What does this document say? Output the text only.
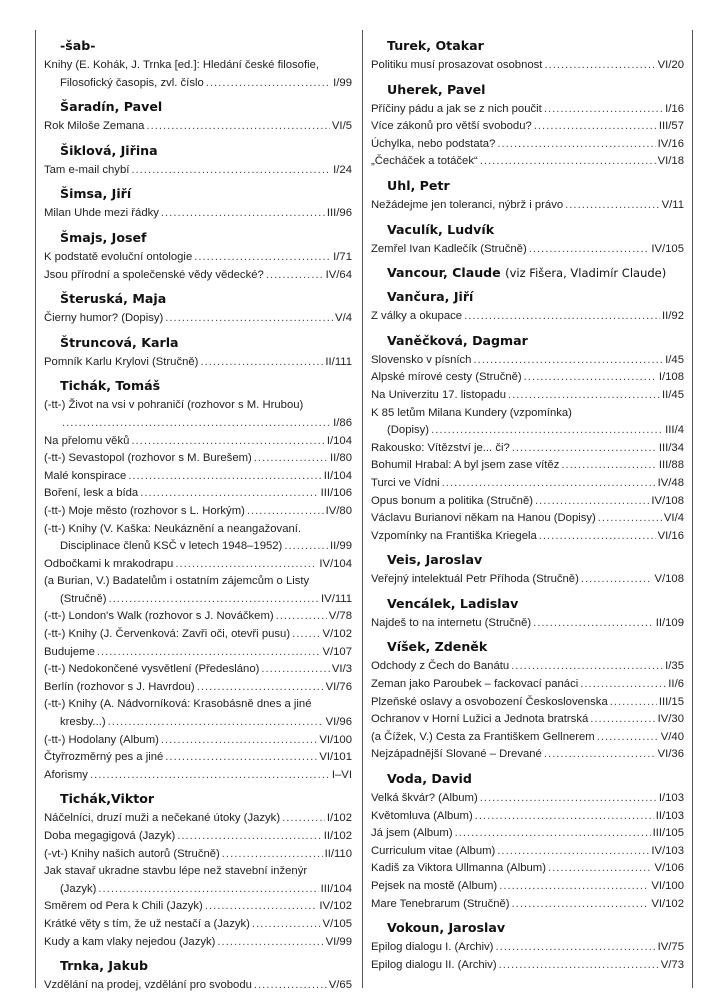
-šab-
Knihy (E. Kohák, J. Trnka [ed.]: Hledání české filosofie,
Filosofický časopis, zvl. číslo .....	I/99
Šaradín, Pavel
Rok Miloše Zemana .....	VI/5
Šiklová, Jiřina
Tam e-mail chybí .....	I/24
Šimsa, Jiří
Milan Uhde mezi řádky .....	III/96
Šmajs, Josef
K podstatě evoluční ontologie .....	I/71
Jsou přírodní a společenské vědy vědecké? .....	IV/64
Šteruská, Maja
Čierny humor? (Dopisy) .....	V/4
Štruncová, Karla
Pomník Karlu Krylovi (Stručně) .....	II/111
Tichák, Tomáš
(-tt-) Život na vsi v pohraničí (rozhovor s M. Hrubou)
.....
I/86
Na přelomu věků .....	I/104
(-tt-) Sevastopol (rozhovor s M. Burešem) .....	II/80
Malé konspirace .....	II/104
Boření, lesk a bída .....	III/106
(-tt-) Moje město (rozhovor s L. Horkým) .....	IV/80
(-tt-) Knihy (V. Kaška: Neukáznění a neangažovaní.
Disciplinace členů KSČ v letech 1948–1952) .....	II/99
Odbočkami k mrakodrapu .....	IV/104
(a Burian, V.) Badatelům i ostatním zájemcům o Listy
(Stručně) .....	IV/111
(-tt-) London's Walk (rozhovor s J. Nováčkem) .....	V/78
(-tt-) Knihy (J. Červenková: Zavři oči, otevři pusu) .....	V/102
Budujeme .....	V/107
(-tt-) Nedokončené vysvětlení (Předesláno) .....	VI/3
Berlín (rozhovor s J. Havrdou) .....	VI/76
(-tt-) Knihy (A. Nádvorníková: Krasobásně dnes a jiné
kresby...) .....	VI/96
(-tt-) Hodolany (Album) .....	VI/100
Čtyřrozměrný pes a jiné .....	VI/101
Aforismy .....	I–VI
Tichák,Viktor
Náčelníci, druzí muži a nečekané útoky (Jazyk) .....	I/102
Doba megagigová (Jazyk) .....	II/102
(-vt-) Knihy našich autorů (Stručně) .....	II/110
Jak stavař ukradne stavbu lépe než stavební inženýr
(Jazyk) .....	III/104
Směrem od Pera k Chili (Jazyk) .....	IV/102
Krátké věty s tím, že už nestačí a (Jazyk) .....	V/105
Kudy a kam vlaky nejedou (Jazyk) .....	VI/99
Trnka, Jakub
Vzdělání na prodej, vzdělání pro svobodu .....	V/65
Turek, Otakar
Politiku musí prosazovat osobnost .....	VI/20
Uherek, Pavel
Příčiny pádu a jak se z nich poučit .....	I/16
Více zákonů pro větší svobodu? .....	III/57
Úchylka, nebo podstata? .....	IV/16
„Čecháček a totáček“ .....	VI/18
Uhl, Petr
Nežádejme jen toleranci, nýbrž i právo .....	V/11
Vaculík, Ludvík
Zemřel Ivan Kadlečík (Stručně) .....	IV/105
Vancour, Claude (viz Fišera, Vladimír Claude)
Vančura, Jiří
Z války a okupace .....	II/92
Vaněčková, Dagmar
Slovensko v písních .....	I/45
Alpské mírové cesty (Stručně) .....	I/108
Na Univerzitu 17. listopadu .....	II/45
K 85 letům Milana Kundery (vzpomínka)
(Dopisy) .....	III/4
Rakousko: Vítězství je... či? .....	III/34
Bohumil Hrabal: A byl jsem zase vítěz .....	III/88
Turci ve Vídni .....	IV/48
Opus bonum a politika (Stručně) .....	IV/108
Václavu Burianovi někam na Hanou (Dopisy) .....	VI/4
Vzpomínky na Františka Kriegela .....	VI/16
Veis, Jaroslav
Veřejný intelektuál Petr Příhoda (Stručně) .....	V/108
Vencálek, Ladislav
Najdeš to na internetu (Stručně) .....	II/109
Víšek, Zdeněk
Odchody z Čech do Banátu .....	I/35
Zeman jako Paroubek – fackovací panáci .....	II/6
Plzeňské oslavy a osvobození Československa .....	III/15
Ochranov v Horní Lužici a Jednota bratrská .....	IV/30
(a Čížek, V.) Cesta za Františkem Gellnerem .....	V/40
Nejzápadnější Slované – Drevané .....	VI/36
Voda, David
Velká škvár? (Album) .....	I/103
Květomluva (Album) .....	II/103
Já jsem (Album) .....	III/105
Curriculum vitae (Album) .....	IV/103
Kadiš za Viktora Ullmanna (Album) .....	V/106
Pejsek na mostě (Album) .....	VI/100
Mare Tenebrarum (Stručně) .....	VI/102
Vokoun, Jaroslav
Epilog dialogu I. (Archiv) .....	IV/75
Epilog dialogu II. (Archiv) .....	V/73
